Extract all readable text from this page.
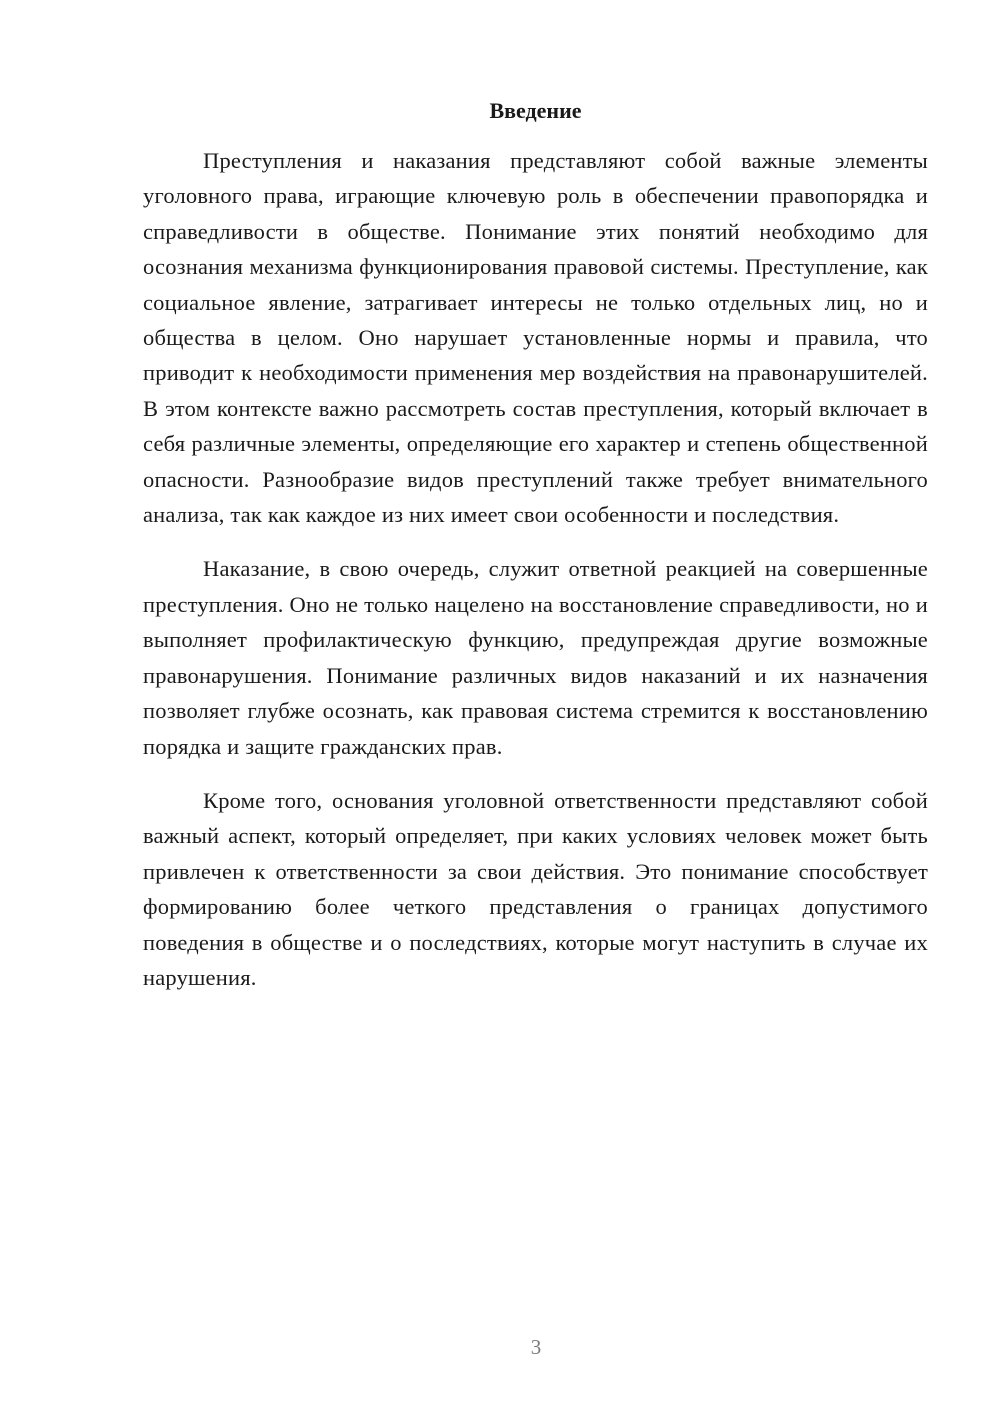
Введение

Преступления и наказания представляют собой важные элементы уголовного права, играющие ключевую роль в обеспечении правопорядка и справедливости в обществе. Понимание этих понятий необходимо для осознания механизма функционирования правовой системы. Преступление, как социальное явление, затрагивает интересы не только отдельных лиц, но и общества в целом. Оно нарушает установленные нормы и правила, что приводит к необходимости применения мер воздействия на правонарушителей. В этом контексте важно рассмотреть состав преступления, который включает в себя различные элементы, определяющие его характер и степень общественной опасности. Разнообразие видов преступлений также требует внимательного анализа, так как каждое из них имеет свои особенности и последствия.

Наказание, в свою очередь, служит ответной реакцией на совершенные преступления. Оно не только нацелено на восстановление справедливости, но и выполняет профилактическую функцию, предупреждая другие возможные правонарушения. Понимание различных видов наказаний и их назначения позволяет глубже осознать, как правовая система стремится к восстановлению порядка и защите гражданских прав.

Кроме того, основания уголовной ответственности представляют собой важный аспект, который определяет, при каких условиях человек может быть привлечен к ответственности за свои действия. Это понимание способствует формированию более четкого представления о границах допустимого поведения в обществе и о последствиях, которые могут наступить в случае их нарушения.

3
